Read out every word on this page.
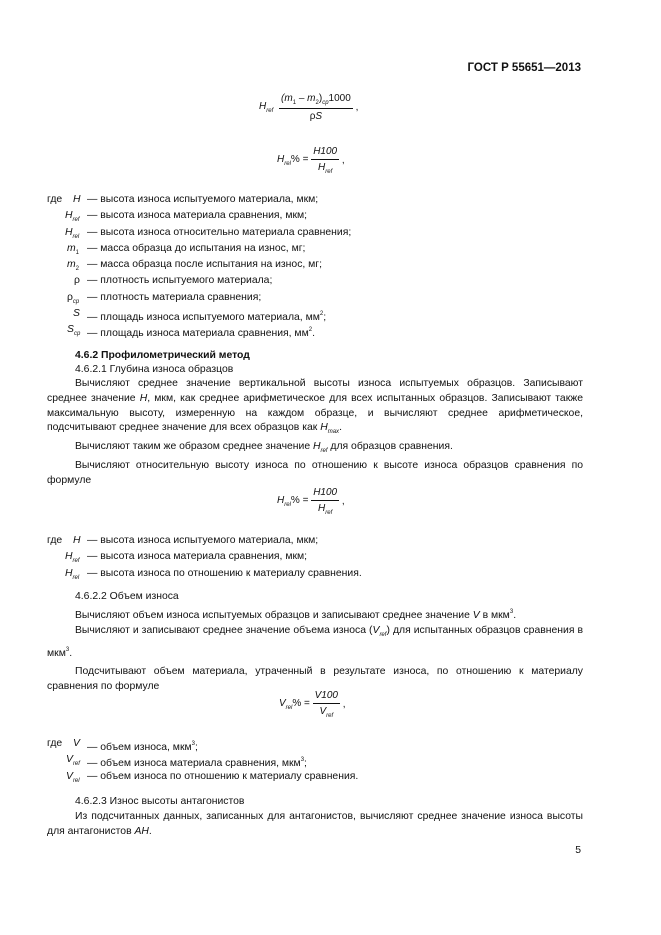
ГОСТ Р 55651—2013
$H_{ref} \frac{(m_1 - m_2)_{cp}1000}{\rho S}$ ,
$H_{rel}\% = \frac{H100}{H_{ref}}$ ,
где H — высота износа испытуемого материала, мкм;
$H_{ref}$ — высота износа материала сравнения, мкм;
$H_{rel}$ — высота износа относительно материала сравнения;
$m_1$ — масса образца до испытания на износ, мг;
$m_2$ — масса образца после испытания на износ, мг;
ρ — плотность испытуемого материала;
$\rho_{cp}$ — плотность материала сравнения;
S — площадь износа испытуемого материала, $мм^2$;
$S_{cp}$ — площадь износа материала сравнения, $мм^2$.
4.6.2 Профилометрический метод
4.6.2.1 Глубина износа образцов

Вычисляют среднее значение вертикальной высоты износа испытуемых образцов. Записывают среднее значение H, мкм, как среднее арифметическое для всех испытанных образцов. Записывают также максимальную высоту, измеренную на каждом образце, и вычисляют среднее арифметическое, подсчитывают среднее значение для всех образцов как $H_{max}$.

Вычисляют таким же образом среднее значение $H_{ref}$ для образцов сравнения.

Вычисляют относительную высоту износа по отношению к высоте износа образцов сравнения по формуле

$H_{rel}\% = \frac{H100}{H_{ref}}$ ,
где H — высота износа испытуемого материала, мкм;
$H_{ref}$ — высота износа материала сравнения, мкм;
$H_{rel}$ — высота износа по отношению к материалу сравнения.
4.6.2.2 Объем износа

Вычисляют объем износа испытуемых образцов и записывают среднее значение V в мкм$^3$.

Вычисляют и записывают среднее значение объема износа $(V_{ref})$ для испытанных образцов сравнения в мкм$^3$.

Подсчитывают объем материала, утраченный в результате износа, по отношению к материалу сравнения по формуле

$V_{rel}\% = \frac{V100}{V_{ref}}$ ,
где V — объем износа, мкм$^3$;
$V_{ref}$ — объем износа материала сравнения, мкм$^3$;
$V_{rel}$ — объем износа по отношению к материалу сравнения.
4.6.2.3 Износ высоты антагонистов

Из подсчитанных данных, записанных для антагонистов, вычисляют среднее значение износа высоты для антагонистов AH.

5
